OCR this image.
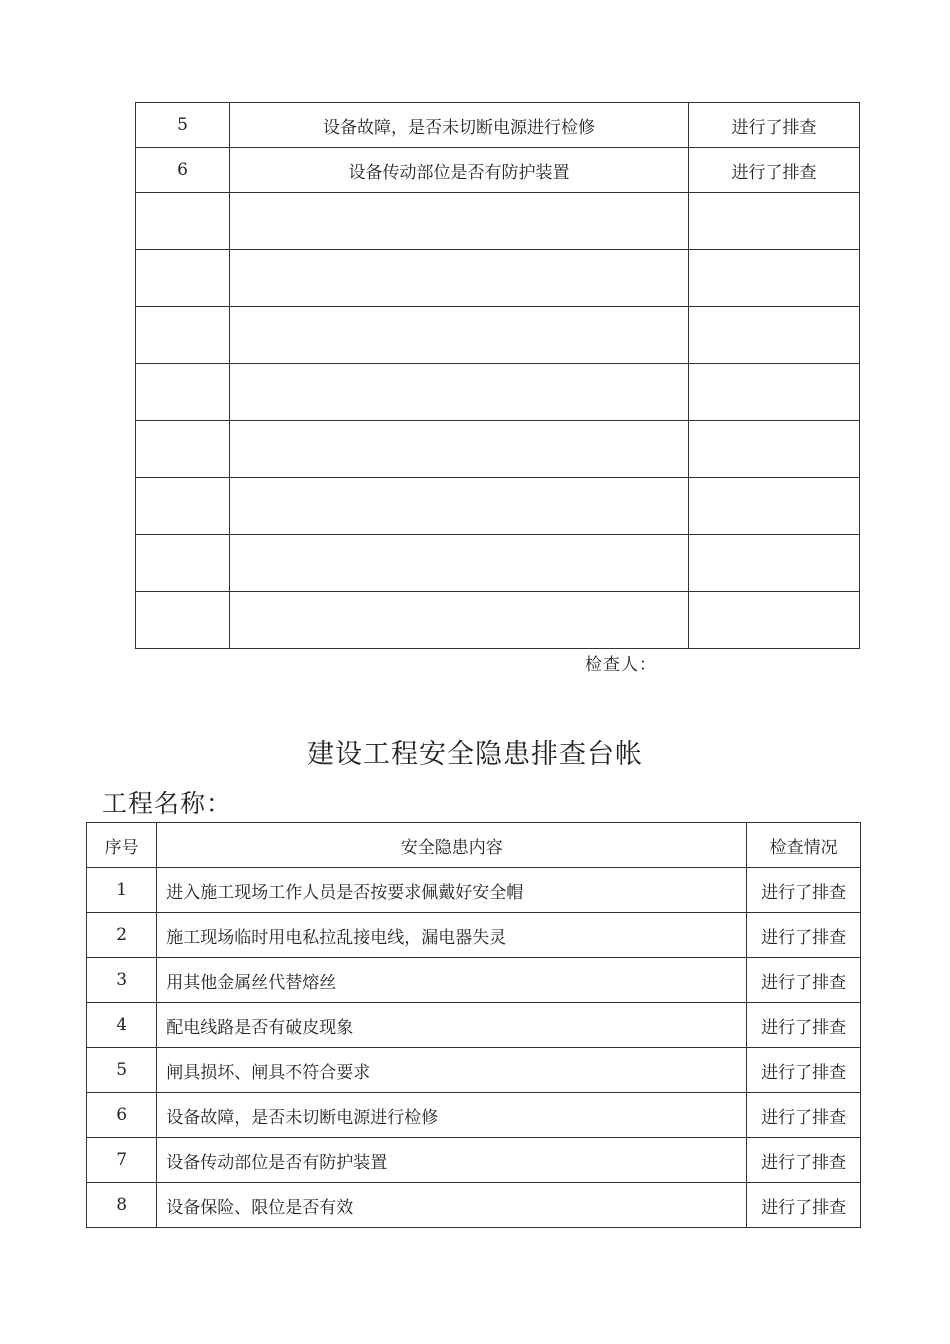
5	设备故障，是否未切断电源进行检修	进行了排查
6	设备传动部位是否有防护装置	进行了排查

检查人：
建设工程安全隐患排查台帐
工程名称：
序号	安全隐患内容	检查情况
1	进入施工现场工作人员是否按要求佩戴好安全帽	进行了排查
2	施工现场临时用电私拉乱接电线，漏电器失灵	进行了排查
3	用其他金属丝代替熔丝	进行了排查
4	配电线路是否有破皮现象	进行了排查
5	闸具损坏、闸具不符合要求	进行了排查
6	设备故障，是否未切断电源进行检修	进行了排查
7	设备传动部位是否有防护装置	进行了排查
8	设备保险、限位是否有效	进行了排查
